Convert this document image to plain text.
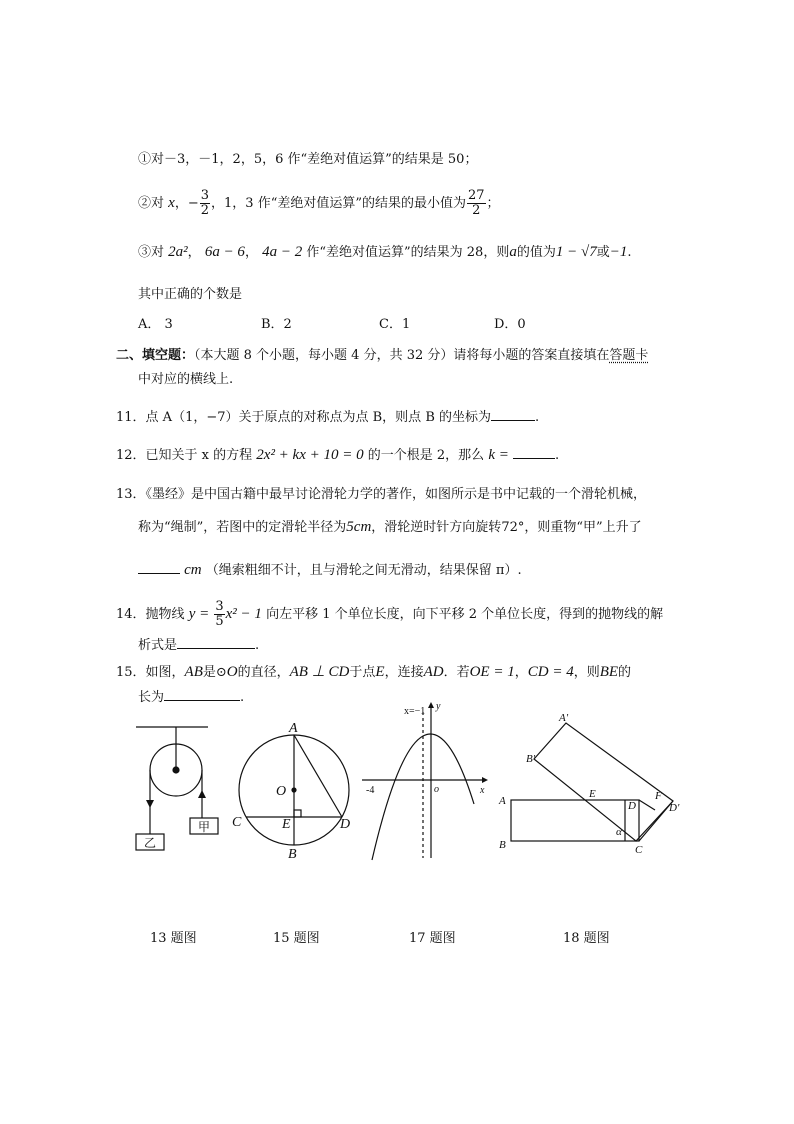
①对－3，－1，2，5，6 作“差绝对值运算”的结果是 50；
②对 x，− $\frac{3}{2}$ ，1，3 作“差绝对值运算”的结果的最小值为 $\frac{27}{2}$ ；
③对 2a²， 6a − 6， 4a − 2 作“差绝对值运算”的结果为 28，则a的值为1 − √7或−1.
其中正确的个数是
A． 3	B．2	C．1	D．0
二、填空题：（本大题 8 个小题，每小题 4 分，共 32 分）请将每小题的答案直接填在答题卡
中对应的横线上.
11．点 A（1，−7）关于原点的对称点为点 B，则点 B 的坐标为	.
12．已知关于 x 的方程 2x² + kx + 10 = 0 的一个根是 2，那么 k =	.
13．《墨经》是中国古籍中最早讨论滑轮力学的著作，如图所示是书中记载的一个滑轮机械，
称为“绳制”，若图中的定滑轮半径为5cm，滑轮逆时针方向旋转72°，则重物“甲”上升了
cm （绳索粗细不计，且与滑轮之间无滑动，结果保留 π）.
14．抛物线 $y = \frac{3}{5} x^2 - 1$ 向左平移 1 个单位长度，向下平移 2 个单位长度，得到的抛物线的解
析式是	.
15．如图，AB是⊙O的直径，AB ⊥ CD于点E，连接AD．若OE = 1，CD = 4，则BE的
长为	.
乙
甲
A
B
C	D
E
O
x=−1 y
x
o
-4
A'
B'
A
B
E
D
F
D'
C
α
13 题图	15 题图	17 题图	18 题图
